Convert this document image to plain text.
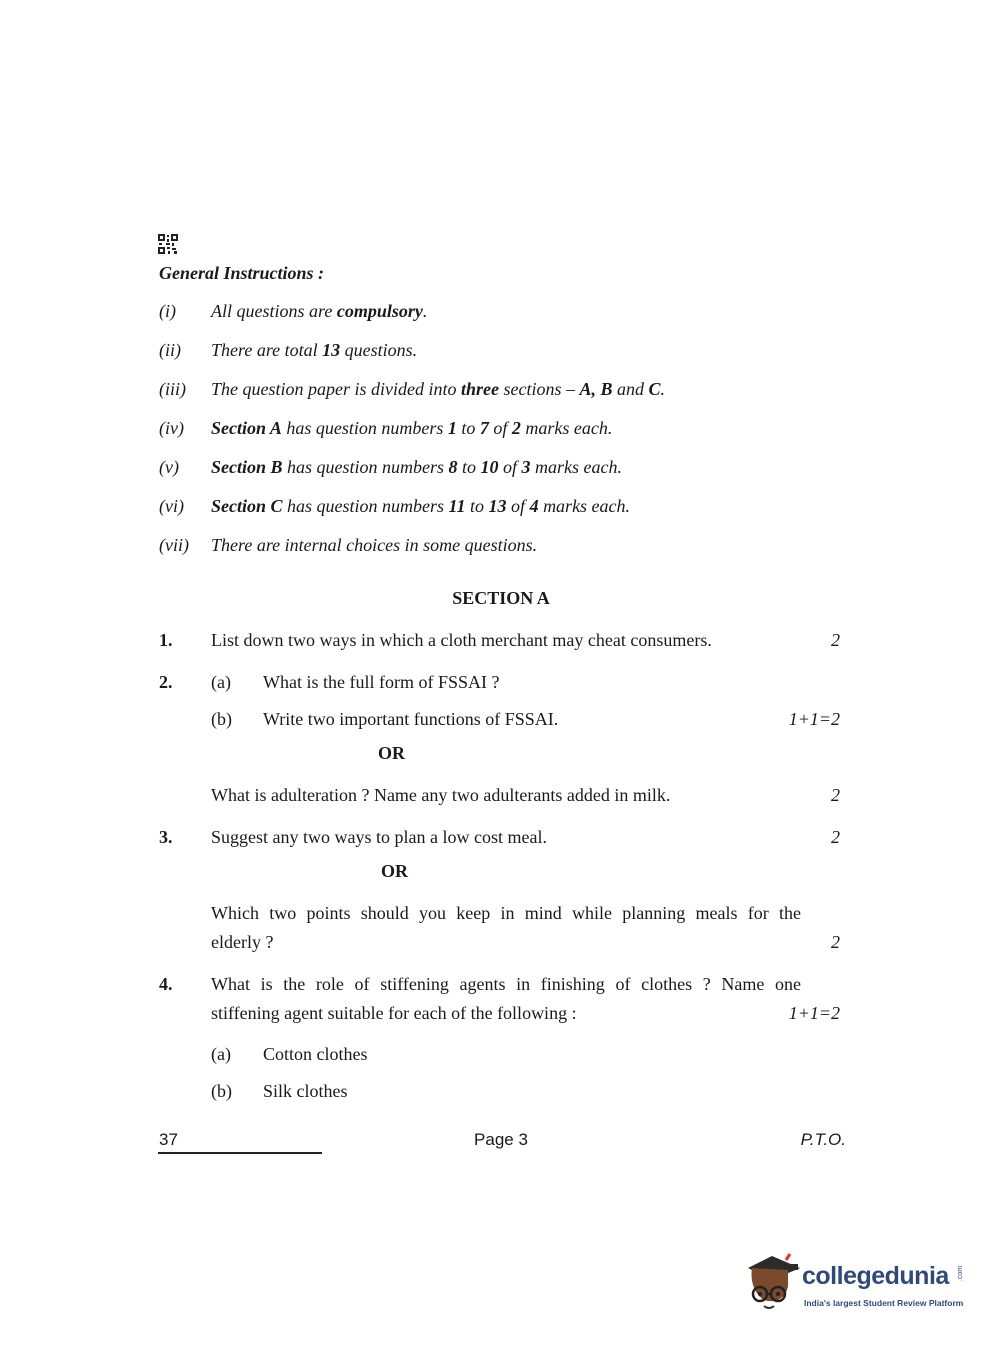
General Instructions :
(i) All questions are compulsory.
(ii) There are total 13 questions.
(iii) The question paper is divided into three sections – A, B and C.
(iv) Section A has question numbers 1 to 7 of 2 marks each.
(v) Section B has question numbers 8 to 10 of 3 marks each.
(vi) Section C has question numbers 11 to 13 of 4 marks each.
(vii) There are internal choices in some questions.
SECTION A
1. List down two ways in which a cloth merchant may cheat consumers.	2
2. (a) What is the full form of FSSAI ?
(b) Write two important functions of FSSAI.	1+1=2
OR
What is adulteration ? Name any two adulterants added in milk.	2
3. Suggest any two ways to plan a low cost meal.	2
OR
Which two points should you keep in mind while planning meals for the
elderly ?	2
4. What is the role of stiffening agents in finishing of clothes ? Name one
stiffening agent suitable for each of the following :	1+1=2
(a) Cotton clothes
(b) Silk clothes
37	Page 3	P.T.O.
collegedunia .com
India's largest Student Review Platform
